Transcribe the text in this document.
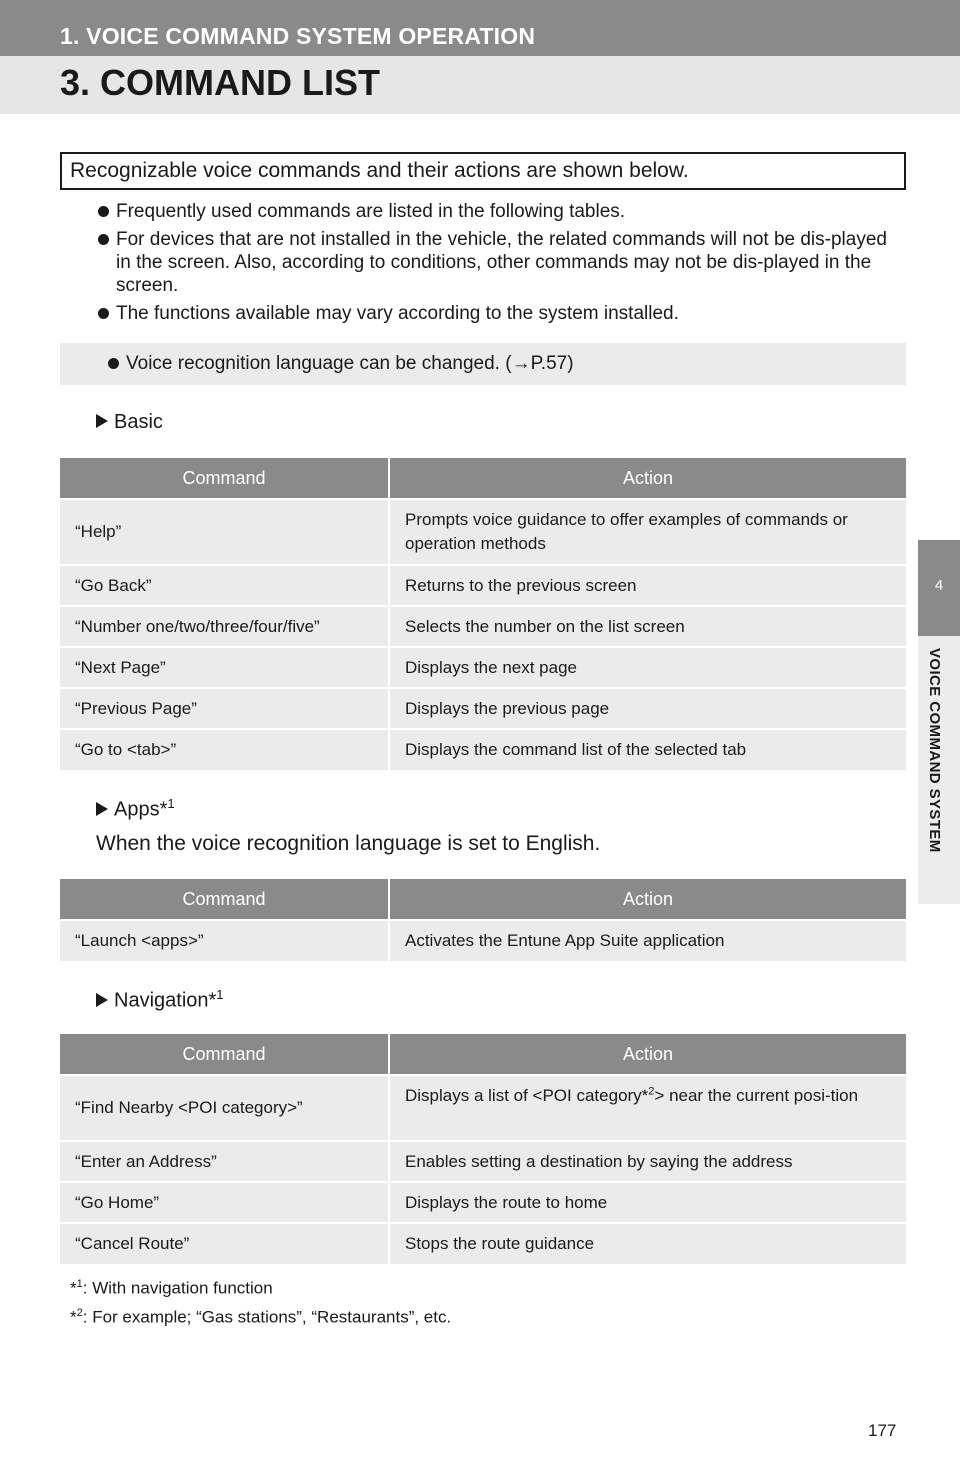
1. VOICE COMMAND SYSTEM OPERATION
3. COMMAND LIST
4
VOICE COMMAND SYSTEM
Recognizable voice commands and their actions are shown below.
Frequently used commands are listed in the following tables.
For devices that are not installed in the vehicle, the related commands will not be dis-played in the screen. Also, according to conditions, other commands may not be dis-played in the screen.
The functions available may vary according to the system installed.
Voice recognition language can be changed. (→P.57)
Basic
Command	Action
“Help”	Prompts voice guidance to offer examples of commands or operation methods
“Go Back”	Returns to the previous screen
“Number one/two/three/four/five”	Selects the number on the list screen
“Next Page”	Displays the next page
“Previous Page”	Displays the previous page
“Go to <tab>”	Displays the command list of the selected tab
Apps*$^1$
When the voice recognition language is set to English.
Command	Action
“Launch <apps>”	Activates the Entune App Suite application
Navigation*$^1$
Command	Action
“Find Nearby <POI category>”	Displays a list of <POI category*$^2$> near the current posi-tion
“Enter an Address”	Enables setting a destination by saying the address
“Go Home”	Displays the route to home
“Cancel Route”	Stops the route guidance
*$^1$: With navigation function
*$^2$: For example; “Gas stations”, “Restaurants”, etc.
177
